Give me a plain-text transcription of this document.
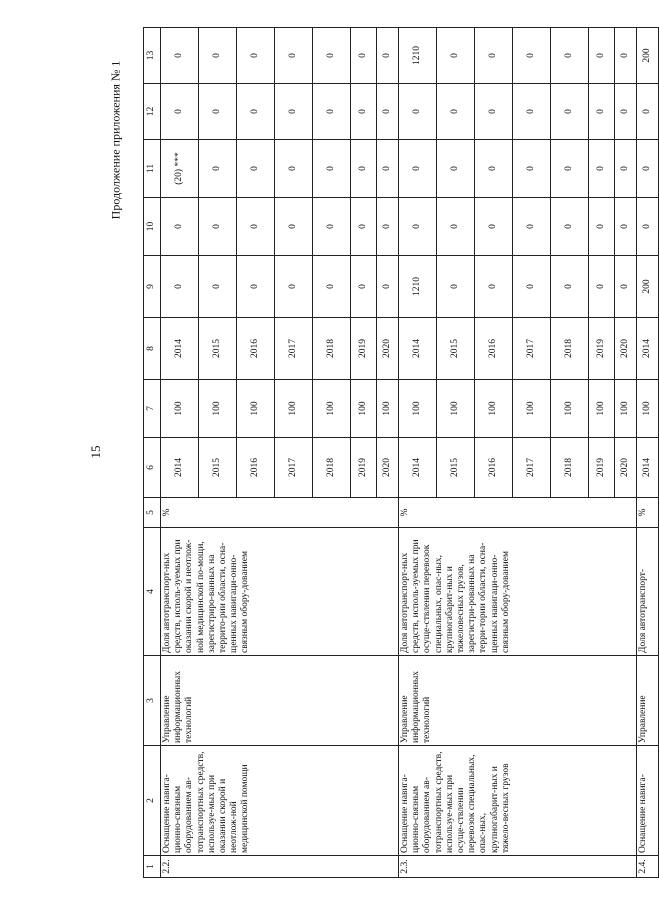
15
Продолжение приложения № 1
1	2	3	4	5	6	7	8	9	10	11	12	13
2.2.	Оснащение навига-ционно-связным оборудованием ав-тотранспортных средств, используе-мых при оказании скорой и неотлож-ной медицинской помощи	Управление информационных технологий	Доля автотранспорт-ных средств, исполь-зуемых при оказании скорой и неотлож-ной медицинской по-мощи, зарегистриро-ванных на террито-рии области, осна-щенных навигаци-онно-связным обору-дованием	%	2014	100	2014	0	0	(20) ***	0	0
					2015	100	2015	0	0	0	0	0
					2016	100	2016	0	0	0	0	0
					2017	100	2017	0	0	0	0	0
					2018	100	2018	0	0	0	0	0
					2019	100	2019	0	0	0	0	0
					2020	100	2020	0	0	0	0	0
2.3.	Оснащение навига-ционно-связным оборудованием ав-тотранспортных средств, используе-мых при осуще-ствлении перевозок специальных, опас-ных, крупногабарит-ных и тяжело-весных грузов	Управление информационных технологий	Доля автотранспорт-ных средств, исполь-зуемых при осуще-ствлении перевозок специальных, опас-ных, крупногабарит-ных и тяжеловесных грузов, зарегистри-рованных на терри-тории области, осна-щенных навигаци-онно-связным обору-дованием	%	2014	100	2014	1210	0	0	0	1210
					2015	100	2015	0	0	0	0	0
					2016	100	2016	0	0	0	0	0
					2017	100	2017	0	0	0	0	0
					2018	100	2018	0	0	0	0	0
					2019	100	2019	0	0	0	0	0
					2020	100	2020	0	0	0	0	0
2.4.	Оснащение навига-	Управление	Доля автотранспорт-	%	2014	100	2014	200	0	0	0	200
